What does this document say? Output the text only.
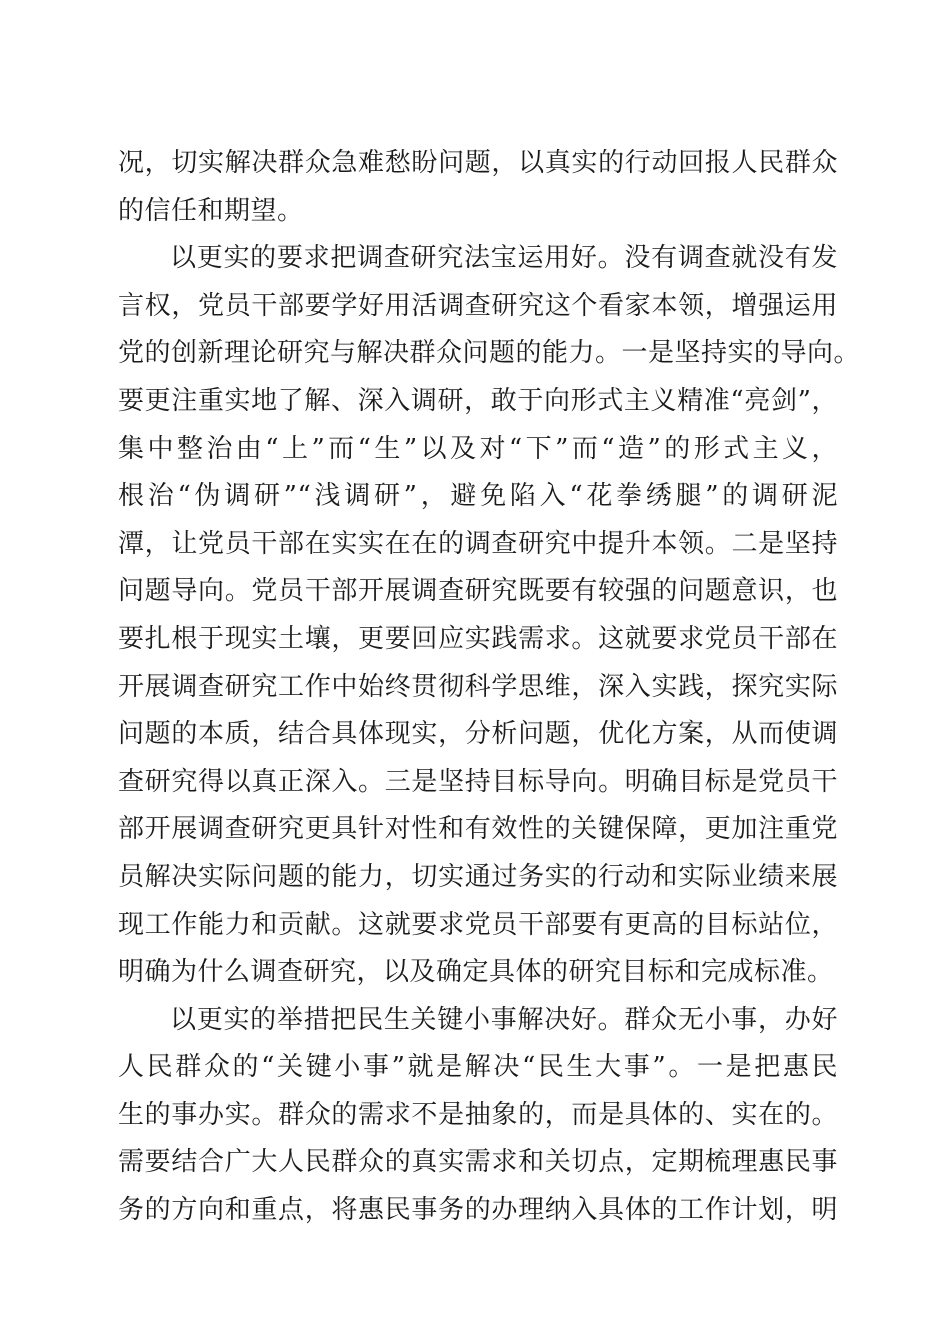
况，切实解决群众急难愁盼问题，以真实的行动回报人民群众
的信任和期望。
以更实的要求把调查研究法宝运用好。没有调查就没有发
言权，党员干部要学好用活调查研究这个看家本领，增强运用
党的创新理论研究与解决群众问题的能力。一是坚持实的导向。
要更注重实地了解、深入调研，敢于向形式主义精准“亮剑”，
集中整治由“上”而“生”以及对“下”而“造”的形式主义，
根治“伪调研”“浅调研”，避免陷入“花拳绣腿”的调研泥
潭，让党员干部在实实在在的调查研究中提升本领。二是坚持
问题导向。党员干部开展调查研究既要有较强的问题意识，也
要扎根于现实土壤，更要回应实践需求。这就要求党员干部在
开展调查研究工作中始终贯彻科学思维，深入实践，探究实际
问题的本质，结合具体现实，分析问题，优化方案，从而使调
查研究得以真正深入。三是坚持目标导向。明确目标是党员干
部开展调查研究更具针对性和有效性的关键保障，更加注重党
员解决实际问题的能力，切实通过务实的行动和实际业绩来展
现工作能力和贡献。这就要求党员干部要有更高的目标站位，
明确为什么调查研究，以及确定具体的研究目标和完成标准。
以更实的举措把民生关键小事解决好。群众无小事，办好
人民群众的“关键小事”就是解决“民生大事”。一是把惠民
生的事办实。群众的需求不是抽象的，而是具体的、实在的。
需要结合广大人民群众的真实需求和关切点，定期梳理惠民事
务的方向和重点，将惠民事务的办理纳入具体的工作计划，明
